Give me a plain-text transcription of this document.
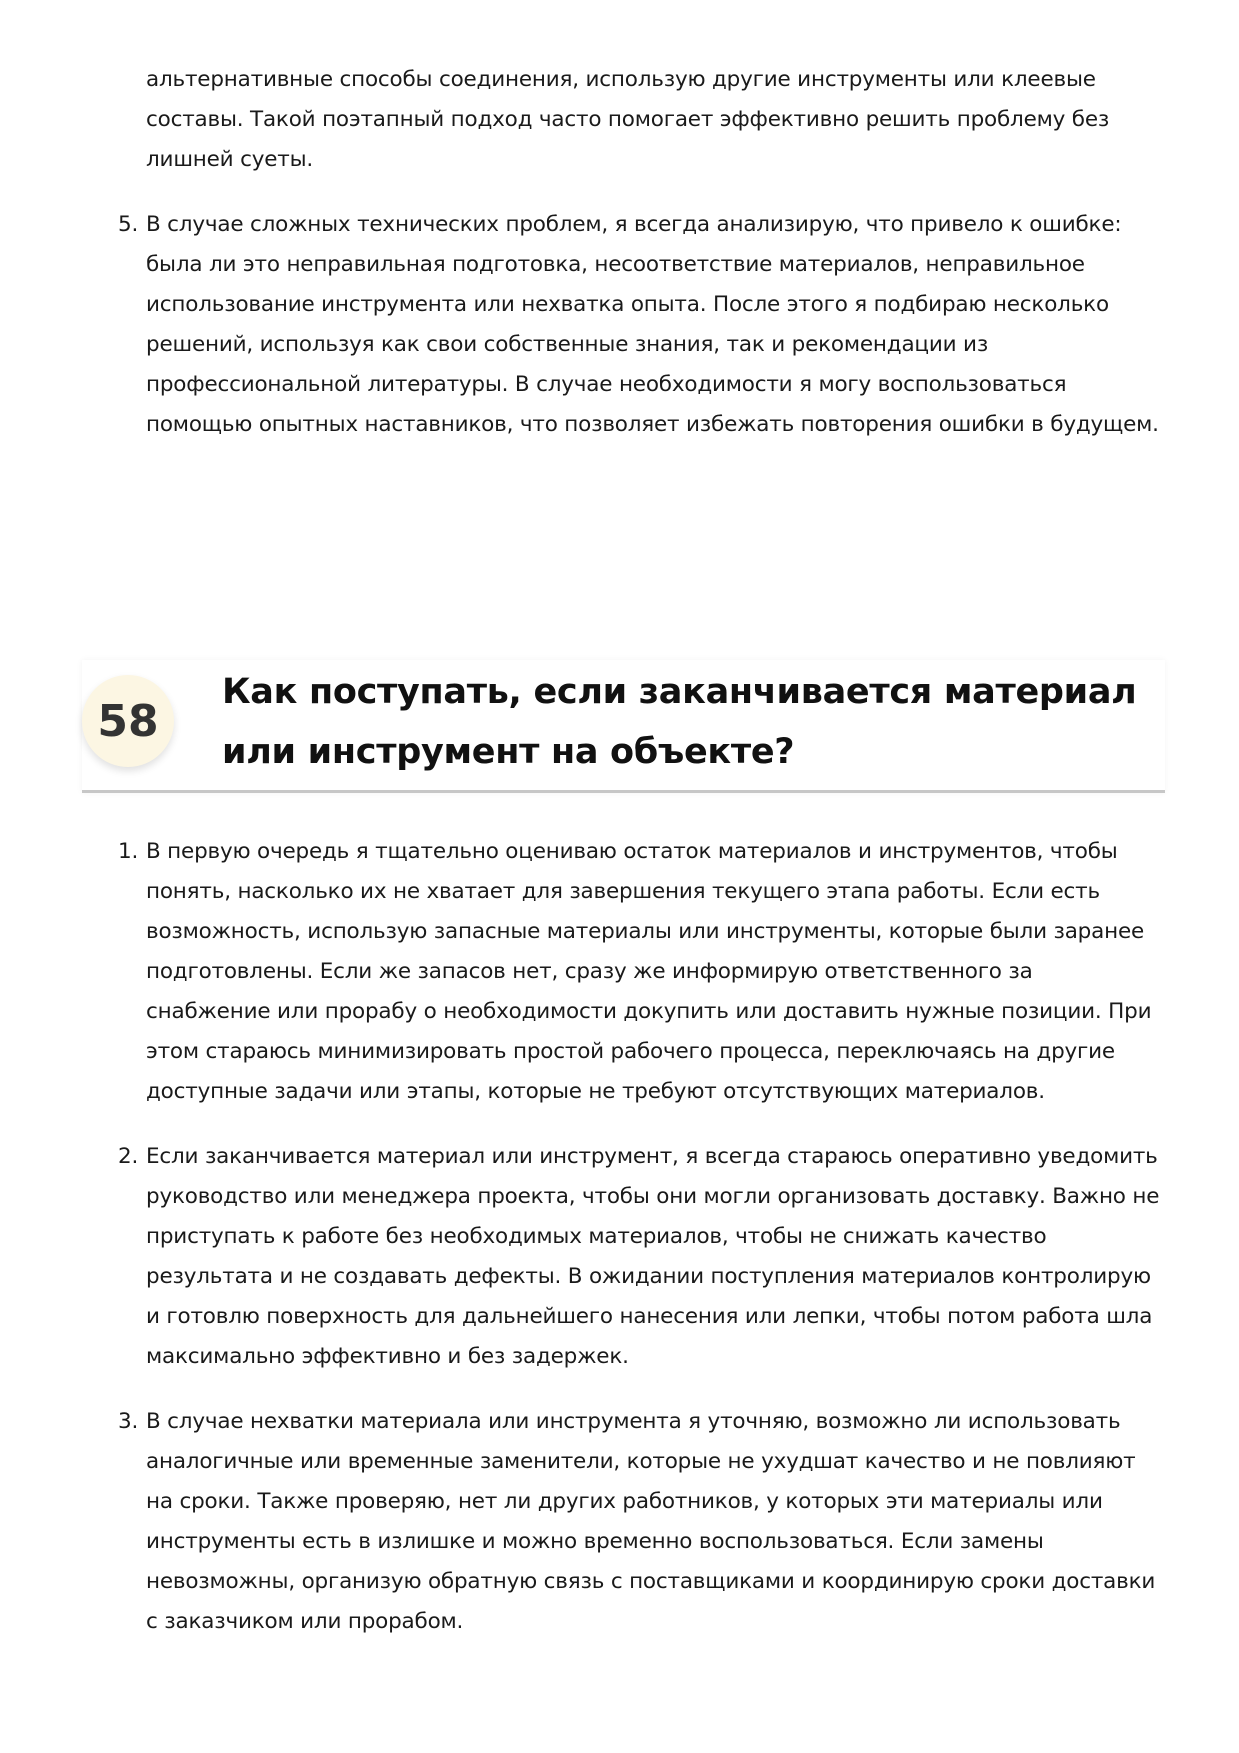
альтернативные способы соединения, использую другие инструменты или клеевые составы. Такой поэтапный подход часто помогает эффективно решить проблему без лишней суеты.
5. В случае сложных технических проблем, я всегда анализирую, что привело к ошибке: была ли это неправильная подготовка, несоответствие материалов, неправильное использование инструмента или нехватка опыта. После этого я подбираю несколько решений, используя как свои собственные знания, так и рекомендации из профессиональной литературы. В случае необходимости я могу воспользоваться помощью опытных наставников, что позволяет избежать повторения ошибки в будущем.
58
Как поступать, если заканчивается материал или инструмент на объекте?
1. В первую очередь я тщательно оцениваю остаток материалов и инструментов, чтобы понять, насколько их не хватает для завершения текущего этапа работы. Если есть возможность, использую запасные материалы или инструменты, которые были заранее подготовлены. Если же запасов нет, сразу же информирую ответственного за снабжение или прорабу о необходимости докупить или доставить нужные позиции. При этом стараюсь минимизировать простой рабочего процесса, переключаясь на другие доступные задачи или этапы, которые не требуют отсутствующих материалов.
2. Если заканчивается материал или инструмент, я всегда стараюсь оперативно уведомить руководство или менеджера проекта, чтобы они могли организовать доставку. Важно не приступать к работе без необходимых материалов, чтобы не снижать качество результата и не создавать дефекты. В ожидании поступления материалов контролирую и готовлю поверхность для дальнейшего нанесения или лепки, чтобы потом работа шла максимально эффективно и без задержек.
3. В случае нехватки материала или инструмента я уточняю, возможно ли использовать аналогичные или временные заменители, которые не ухудшат качество и не повлияют на сроки. Также проверяю, нет ли других работников, у которых эти материалы или инструменты есть в излишке и можно временно воспользоваться. Если замены невозможны, организую обратную связь с поставщиками и координирую сроки доставки с заказчиком или прорабом.
